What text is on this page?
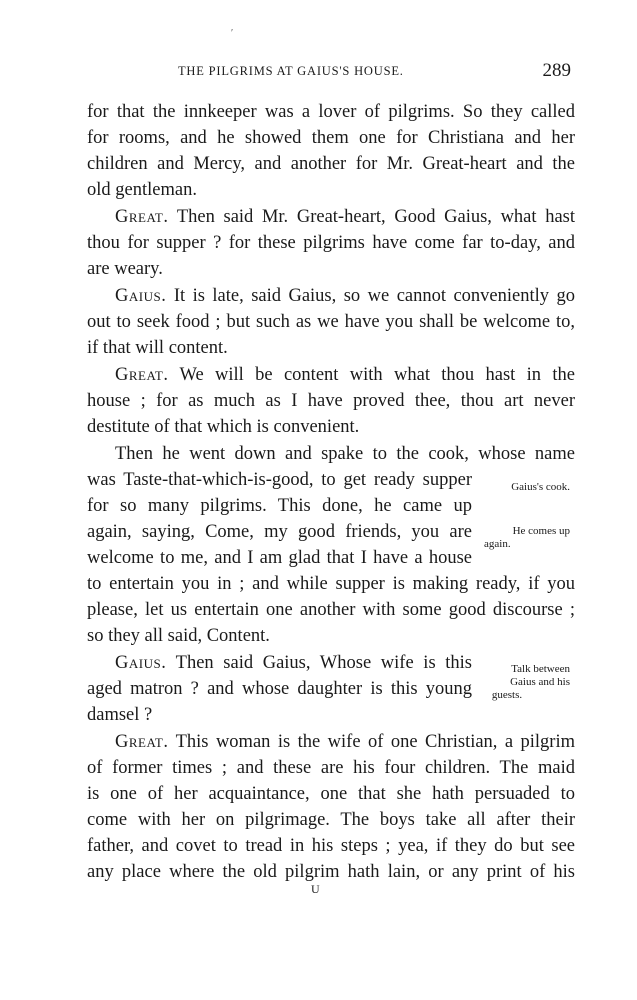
′
THE PILGRIMS AT GAIUS'S HOUSE.	289
for that the innkeeper was a lover of pilgrims. So they called
for rooms, and he showed them one for Christiana and her
children and Mercy, and another for Mr. Great-heart and the
old gentleman.
Great. Then said Mr. Great-heart, Good Gaius, what hast
thou for supper ? for these pilgrims have come far to-day, and
are weary.
Gaius. It is late, said Gaius, so we cannot conveniently go
out to seek food ; but such as we have you shall be welcome to,
if that will content.
Great. We will be content with what thou hast in the
house ; for as much as I have proved thee, thou art never
destitute of that which is convenient.
Then he went down and spake to the cook, whose name
was Taste-that-which-is-good, to get ready supper
for so many pilgrims. This done, he came up
again, saying, Come, my good friends, you are
welcome to me, and I am glad that I have a house
to entertain you in ; and while supper is making ready, if you
please, let us entertain one another with some good discourse ;
so they all said, Content.
Gaius. Then said Gaius, Whose wife is this
aged matron ? and whose daughter is this young
damsel ?
Great. This woman is the wife of one Christian, a pilgrim
of former times ; and these are his four children. The maid
is one of her acquaintance, one that she hath persuaded to
come with her on pilgrimage. The boys take all after their
father, and covet to tread in his steps ; yea, if they do but see
any place where the old pilgrim hath lain, or any print of his
Gaius's cook.
He comes up
again.
Talk between
Gaius and his
guests.
U
